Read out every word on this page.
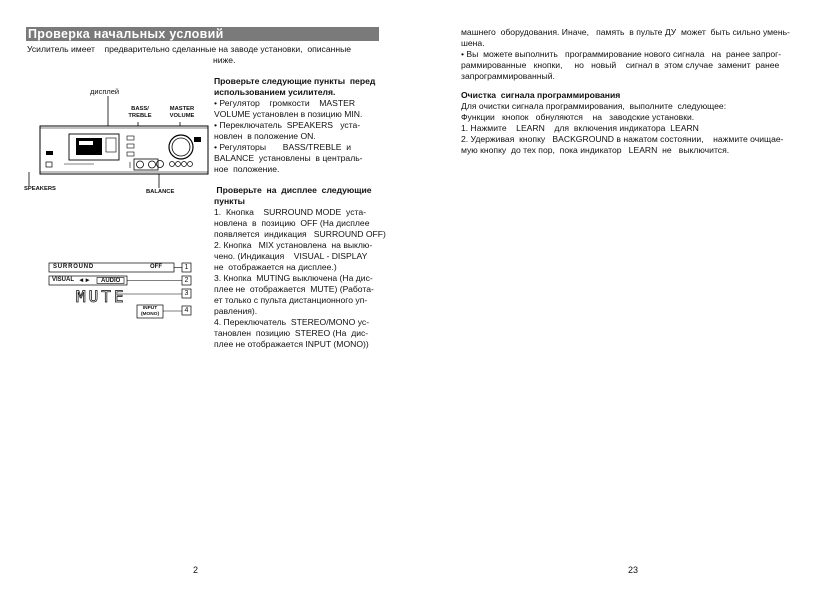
Проверка начальных условий

Усилитель имеет    предварительно сделанные на заводе установки,  описанные

ниже.

дисплей
BASS/
TREBLE
MASTER
VOLUME
SPEAKERS	BALANCE
SURROUND	OFF
VISUAL ◄► AUDIO
MUTE
INPUT
(MONO)
1
2
3
4

Проверьте следующие пункты  перед

использованием усилителя.

• Регулятор    громкости    MASTER

VOLUME установлен в позицию MIN.

• Переключатель  SPEAKERS   уста-

новлен  в положение ON.

• Регуляторы       BASS/TREBLE  и

BALANCE  установлены  в централь-

ное  положение.

Проверьте  на  дисплее  следующие

пункты

1.  Кнопка    SURROUND MODE  уста-

новлена  в  позицию  OFF (На дисплее

появляется  индикация   SURROUND OFF)

2. Кнопка   MIX установлена  на выклю-

чено. (Индикация    VISUAL - DISPLAY

не  отображается на дисплее.)

3. Кнопка  MUTING выключена (На дис-

плее не  отображается  MUTE) (Работа-

ет только с пульта дистанционного уп-

равления).

4. Переключатель  STEREO/MONO ус-

тановлен  позицию  STEREO (На  дис-

плее не отображается INPUT (MONO))

2

машнего  оборудования. Иначе,   память  в пульте ДУ  может  быть сильно умень-

шена.

• Вы  можете выполнить   программирование нового сигнала   на  ранее запрог-

раммированные   кнопки,     но   новый    сигнал в  этом случае  заменит  ранее

запрограммированный.

Очистка  сигнала программирования

Для очистки сигнала программирования,  выполните  следующее:

Функции   кнопок   обнуляются    на   заводские установки.

1. Нажмите    LEARN    для  включения индикатора  LEARN

2. Удерживая  кнопку   BACKGROUND в нажатом состоянии,    нажмите очищае-

мую кнопку  до тех пор,  пока индикатор   LEARN  не   выключится.

23
